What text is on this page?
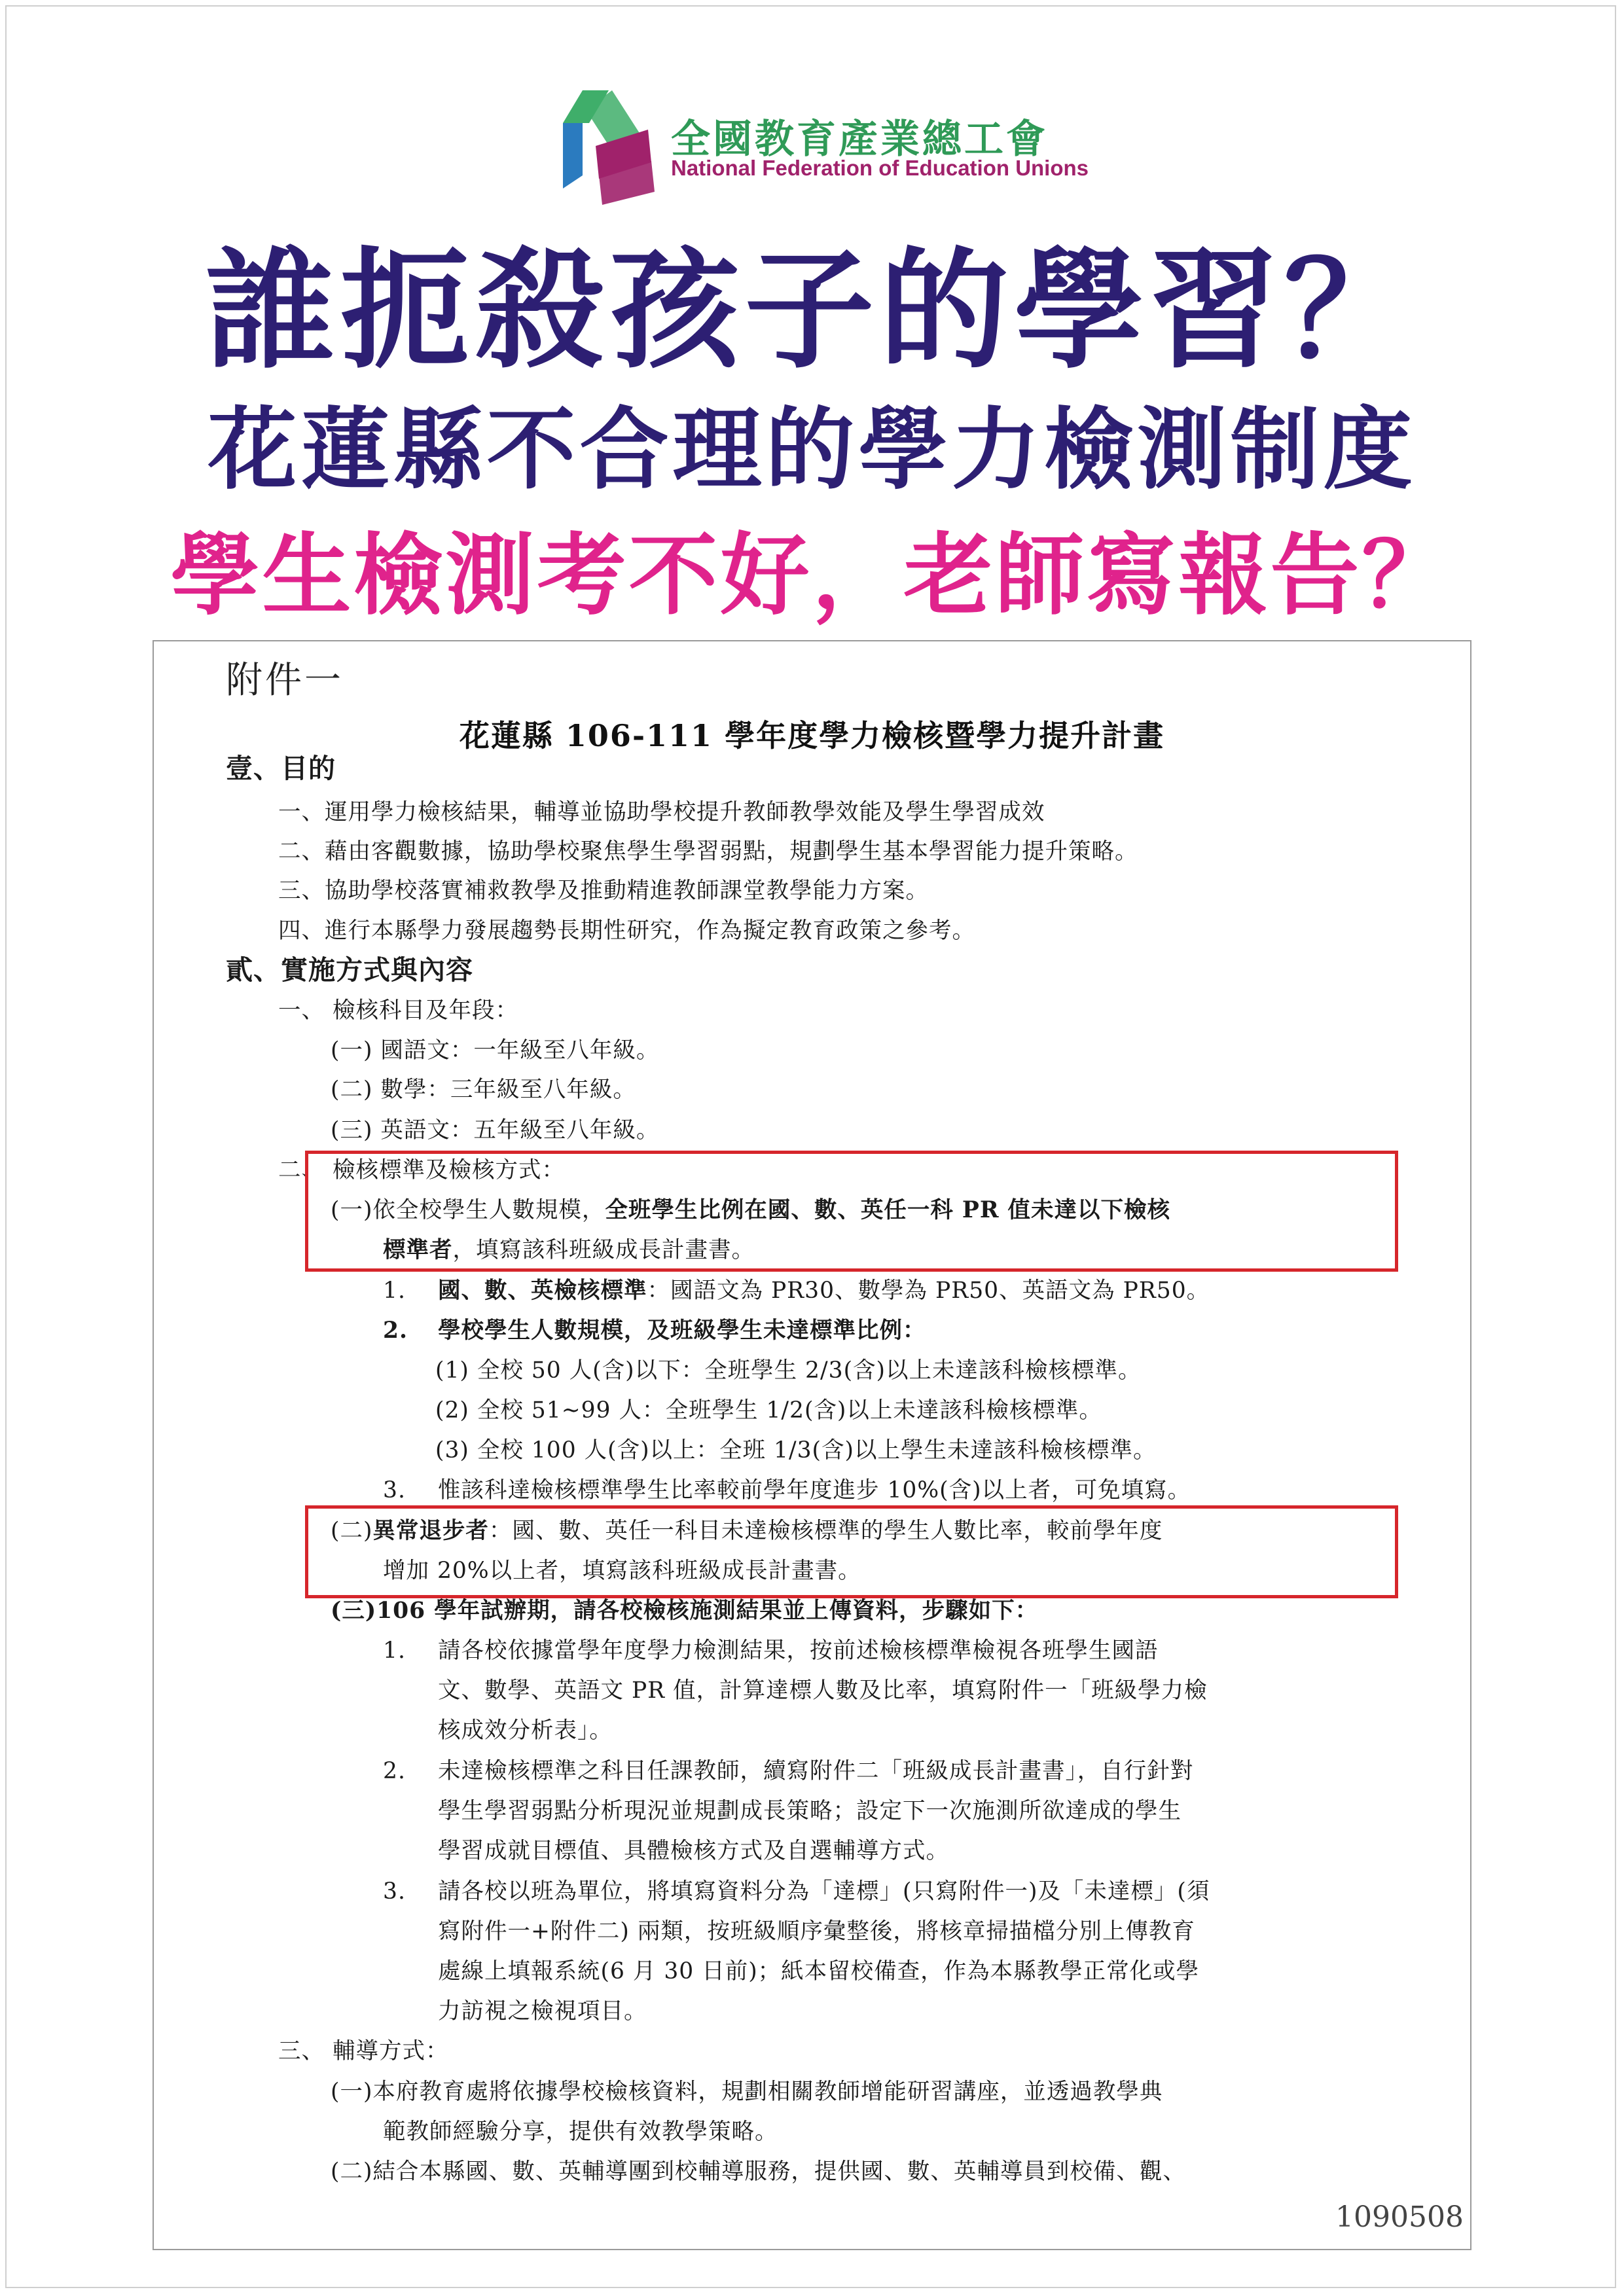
全國教育產業總工會
National Federation of Education Unions
誰扼殺孩子的學習？
花蓮縣不合理的學力檢測制度
學生檢測考不好，老師寫報告？
附件一
花蓮縣 106-111 學年度學力檢核暨學力提升計畫
壹、目的
一、運用學力檢核結果，輔導並協助學校提升教師教學效能及學生學習成效
二、藉由客觀數據，協助學校聚焦學生學習弱點，規劃學生基本學習能力提升策略。
三、協助學校落實補救教學及推動精進教師課堂教學能力方案。
四、進行本縣學力發展趨勢長期性研究，作為擬定教育政策之參考。
貳、實施方式與內容
一、 檢核科目及年段：
(一) 國語文：一年級至八年級。
(二) 數學：三年級至八年級。
(三) 英語文：五年級至八年級。
二、 檢核標準及檢核方式：
(一)依全校學生人數規模，全班學生比例在國、數、英任一科 PR 值未達以下檢核
標準者，填寫該科班級成長計畫書。
1. 國、數、英檢核標準：國語文為 PR30、數學為 PR50、英語文為 PR50。
2. 學校學生人數規模，及班級學生未達標準比例：
(1) 全校 50 人(含)以下：全班學生 2/3(含)以上未達該科檢核標準。
(2) 全校 51~99 人：全班學生 1/2(含)以上未達該科檢核標準。
(3) 全校 100 人(含)以上：全班 1/3(含)以上學生未達該科檢核標準。
3. 惟該科達檢核標準學生比率較前學年度進步 10%(含)以上者，可免填寫。
(二)異常退步者：國、數、英任一科目未達檢核標準的學生人數比率，較前學年度
增加 20%以上者，填寫該科班級成長計畫書。
(三)106 學年試辦期，請各校檢核施測結果並上傳資料，步驟如下：
1. 請各校依據當學年度學力檢測結果，按前述檢核標準檢視各班學生國語
文、數學、英語文 PR 值，計算達標人數及比率，填寫附件一「班級學力檢
核成效分析表」。
2. 未達檢核標準之科目任課教師，續寫附件二「班級成長計畫書」，自行針對
學生學習弱點分析現況並規劃成長策略；設定下一次施測所欲達成的學生
學習成就目標值、具體檢核方式及自選輔導方式。
3. 請各校以班為單位，將填寫資料分為「達標」(只寫附件一)及「未達標」(須
寫附件一+附件二) 兩類，按班級順序彙整後，將核章掃描檔分別上傳教育
處線上填報系統(6 月 30 日前)；紙本留校備查，作為本縣教學正常化或學
力訪視之檢視項目。
三、 輔導方式：
(一)本府教育處將依據學校檢核資料，規劃相關教師增能研習講座，並透過教學典
範教師經驗分享，提供有效教學策略。
(二)結合本縣國、數、英輔導團到校輔導服務，提供國、數、英輔導員到校備、觀、
1090508
